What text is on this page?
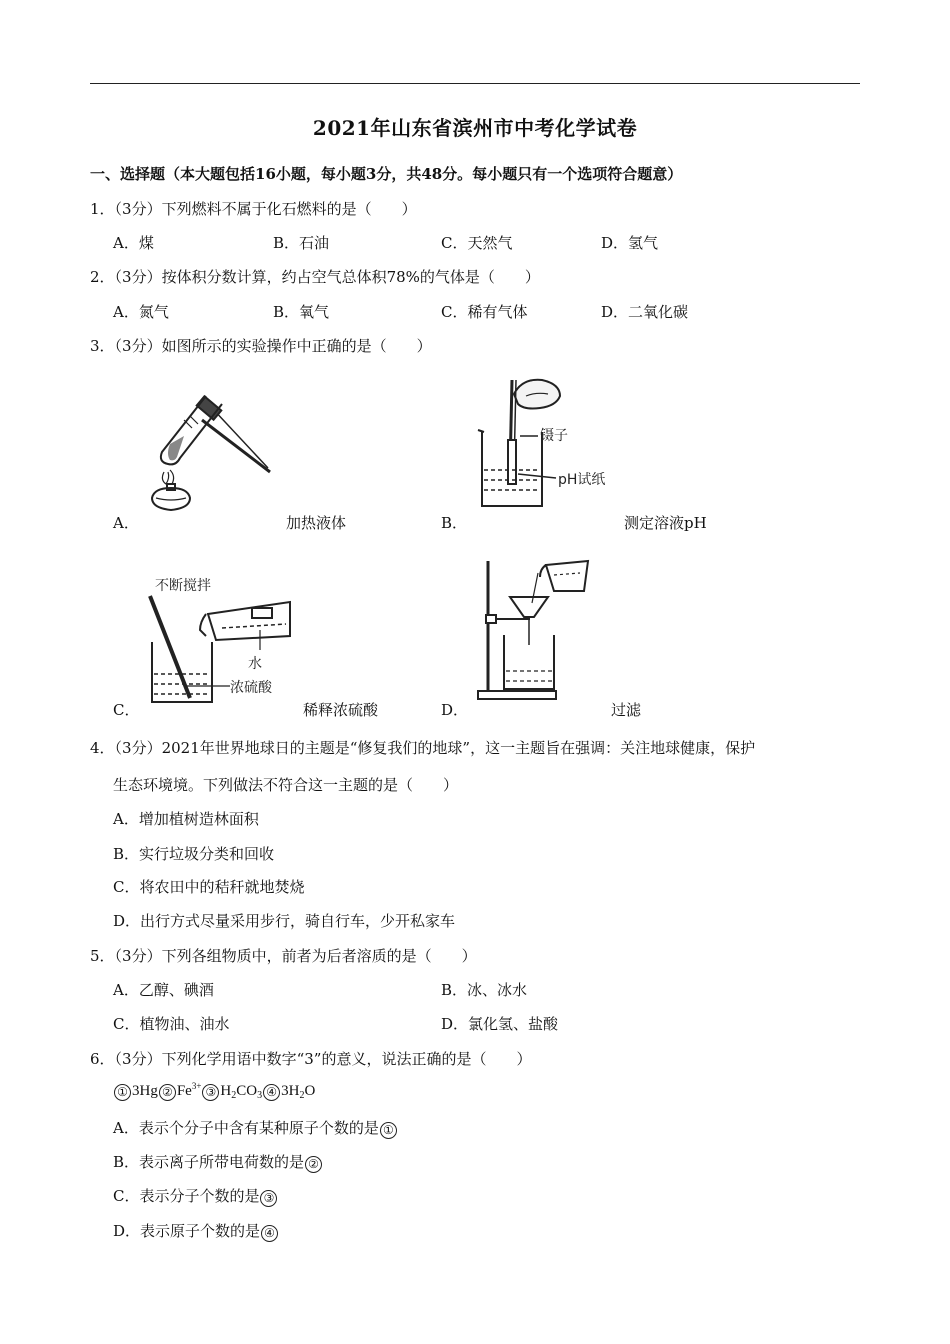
2021年山东省滨州市中考化学试卷
一、选择题（本大题包括16小题，每小题3分，共48分。每小题只有一个选项符合题意）
1．（3分）下列燃料不属于化石燃料的是（　　）
A．煤	B．石油	C．天然气	D．氢气
2．（3分）按体积分数计算，约占空气总体积78%的气体是（　　）
A．氮气	B．氧气	C．稀有气体	D．二氧化碳
3．（3分）如图所示的实验操作中正确的是（　　）
A．	加热液体
镊子
pH试纸
B．	测定溶液pH
不断搅拌
水
浓硫酸
C．	稀释浓硫酸	D．	过滤
4．（3分）2021年世界地球日的主题是“修复我们的地球”，这一主题旨在强调：关注地球健康，保护
生态环境境。下列做法不符合这一主题的是（　　）
A．增加植树造林面积
B．实行垃圾分类和回收
C．将农田中的秸秆就地焚烧
D．出行方式尽量采用步行，骑自行车，少开私家车
5．（3分）下列各组物质中，前者为后者溶质的是（　　）
A．乙醇、碘酒	B．冰、冰水
C．植物油、油水	D．氯化氢、盐酸
6．（3分）下列化学用语中数字“3”的意义，说法正确的是（　　）
① 3Hg ② $Fe^{3+}$ ③ $H_2CO_3$ ④ $3H_2O$
A．表示个分子中含有某种原子个数的是 ①
B．表示离子所带电荷数的是 ②
C．表示分子个数的是 ③
D．表示原子个数的是 ④
